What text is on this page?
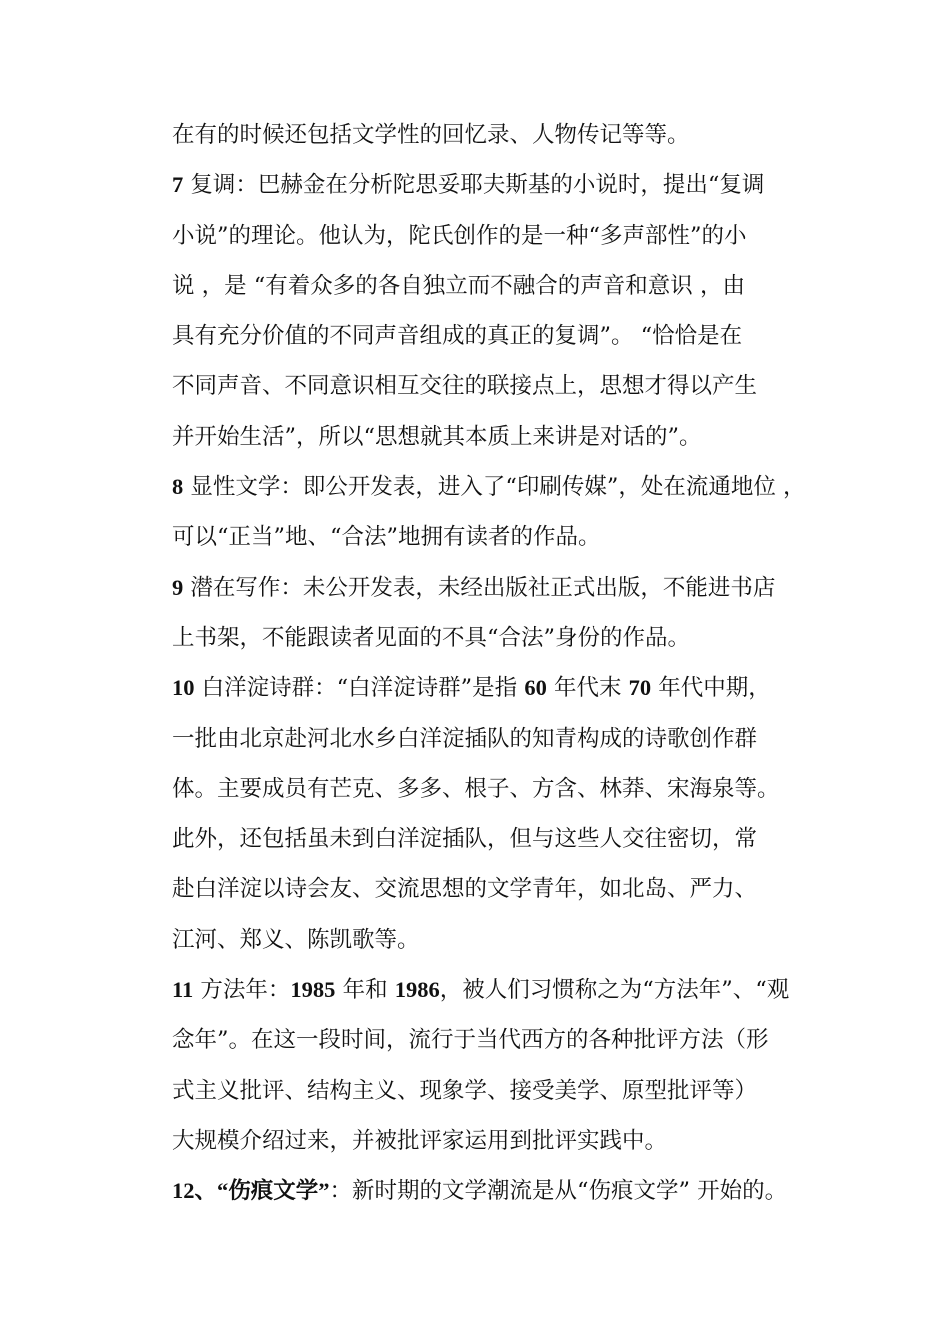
在有的时候还包括文学性的回忆录、人物传记等等。
7 复调：巴赫金在分析陀思妥耶夫斯基的小说时，提出“复调
小说”的理论。他认为，陀氏创作的是一种“多声部性”的小
说 ，是 “有着众多的各自独立而不融合的声音和意识 ，由
具有充分价值的不同声音组成的真正的复调”。 “恰恰是在
不同声音、不同意识相互交往的联接点上，思想才得以产生
并开始生活”，所以“思想就其本质上来讲是对话的”。
8 显性文学：即公开发表，进入了“印刷传媒”，处在流通地位 ，
可以“正当”地、“合法”地拥有读者的作品。
9 潜在写作：未公开发表，未经出版社正式出版，不能进书店
上书架，不能跟读者见面的不具“合法”身份的作品。
10 白洋淀诗群：“白洋淀诗群”是指 60 年代末 70 年代中期，
一批由北京赴河北水乡白洋淀插队的知青构成的诗歌创作群
体。主要成员有芒克、多多、根子、方含、林莽、宋海泉等。
此外，还包括虽未到白洋淀插队，但与这些人交往密切，常
赴白洋淀以诗会友、交流思想的文学青年，如北岛、严力、
江河、郑义、陈凯歌等。
11 方法年：1985 年和 1986，被人们习惯称之为“方法年”、“观
念年”。在这一段时间，流行于当代西方的各种批评方法（形
式主义批评、结构主义、现象学、接受美学、原型批评等）
大规模介绍过来，并被批评家运用到批评实践中。
12、“伤痕文学”：新时期的文学潮流是从“伤痕文学” 开始的。
